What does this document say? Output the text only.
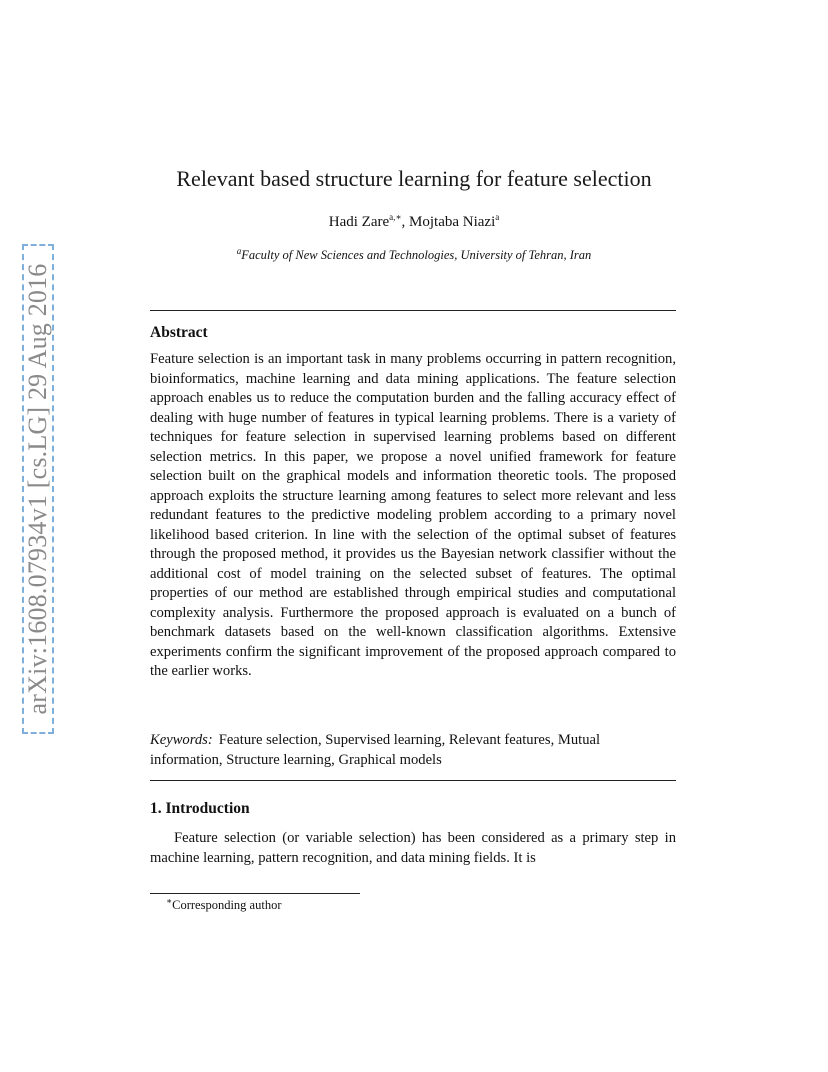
arXiv:1608.07934v1 [cs.LG] 29 Aug 2016
Relevant based structure learning for feature selection
Hadi Zare$^{a,∗}$, Mojtaba Niazi$^a$
$^a$Faculty of New Sciences and Technologies, University of Tehran, Iran
Abstract

Feature selection is an important task in many problems occurring in pattern recognition, bioinformatics, machine learning and data mining applications. The feature selection approach enables us to reduce the computation burden and the falling accuracy effect of dealing with huge number of features in typical learning problems. There is a variety of techniques for feature selection in supervised learning problems based on different selection metrics. In this paper, we propose a novel unified framework for feature selection built on the graphical models and information theoretic tools. The proposed approach exploits the structure learning among features to select more relevant and less redundant features to the predictive modeling problem according to a primary novel likelihood based criterion. In line with the selection of the optimal subset of features through the proposed method, it provides us the Bayesian network classifier without the additional cost of model training on the selected subset of features. The optimal properties of our method are established through empirical studies and computational complexity analysis. Furthermore the proposed approach is evaluated on a bunch of benchmark datasets based on the well-known classification algorithms. Extensive experiments confirm the significant improvement of the proposed approach compared to the earlier works.

Keywords: Feature selection, Supervised learning, Relevant features, Mutual information, Structure learning, Graphical models

1. Introduction

Feature selection (or variable selection) has been considered as a primary step in machine learning, pattern recognition, and data mining fields. It is

∗Corresponding author
